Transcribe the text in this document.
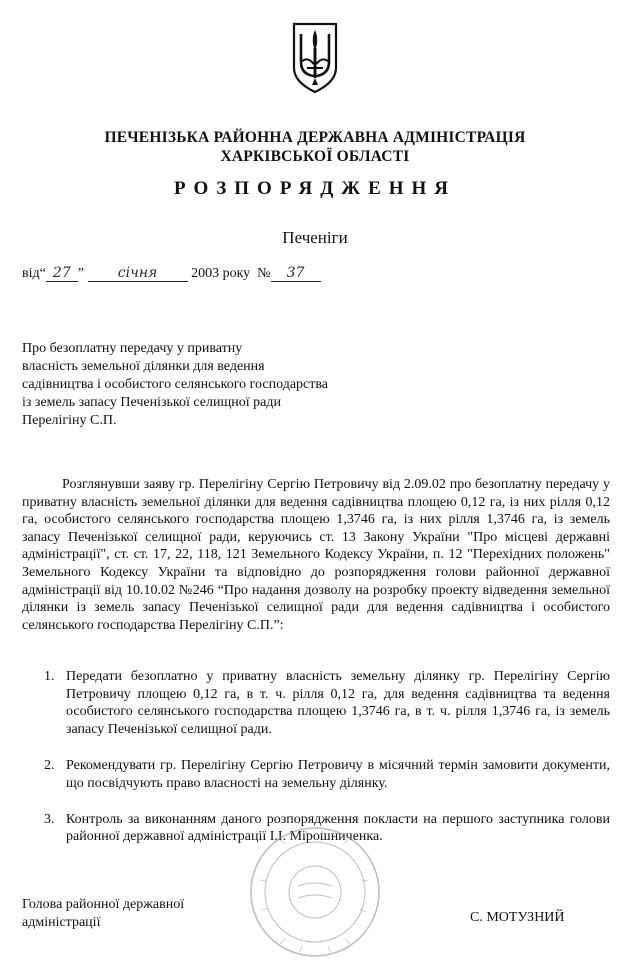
ПЕЧЕНІЗЬКА РАЙОННА ДЕРЖАВНА АДМІНІСТРАЦІЯ
ХАРКІВСЬКОЇ ОБЛАСТІ
РОЗПОРЯДЖЕННЯ
Печеніги
від“ 27 ” січня 2003 року № 37
Про безоплатну передачу у приватну
власність земельної ділянки для ведення
садівництва і особистого селянського господарства
із земель запасу Печенізької селищної ради
Перелігіну С.П.
Розглянувши заяву гр. Перелігіну Сергію Петровичу від 2.09.02 про безоплатну передачу у приватну власність земельної ділянки для ведення садівництва площею 0,12 га, із них рілля 0,12 га, особистого селянського господарства площею 1,3746 га, із них рілля 1,3746 га, із земель запасу Печенізької селищної ради, керуючись ст. 13 Закону України "Про місцеві державні адміністрації", ст. ст. 17, 22, 118, 121 Земельного Кодексу України, п. 12 "Перехідних положень" Земельного Кодексу України та відповідно до розпорядження голови районної державної адміністрації від 10.10.02 №246 “Про надання дозволу на розробку проекту відведення земельної ділянки із земель запасу Печенізької селищної ради для ведення садівництва і особистого селянського господарства Перелігіну С.П.”:
1. Передати безоплатно у приватну власність земельну ділянку гр. Перелігіну Сергію Петровичу площею 0,12 га, в т. ч. рілля 0,12 га, для ведення садівництва та ведення особистого селянського господарства площею 1,3746 га, в т. ч. рілля 1,3746 га, із земель запасу Печенізької селищної ради.
2. Рекомендувати гр. Перелігіну Сергію Петровичу в місячний термін замовити документи, що посвідчують право власності на земельну ділянку.
3. Контроль за виконанням даного розпорядження покласти на першого заступника голови районної державної адміністрації І.І. Мірошниченка.
Голова районної державної
адміністрації	С. МОТУЗНИЙ
